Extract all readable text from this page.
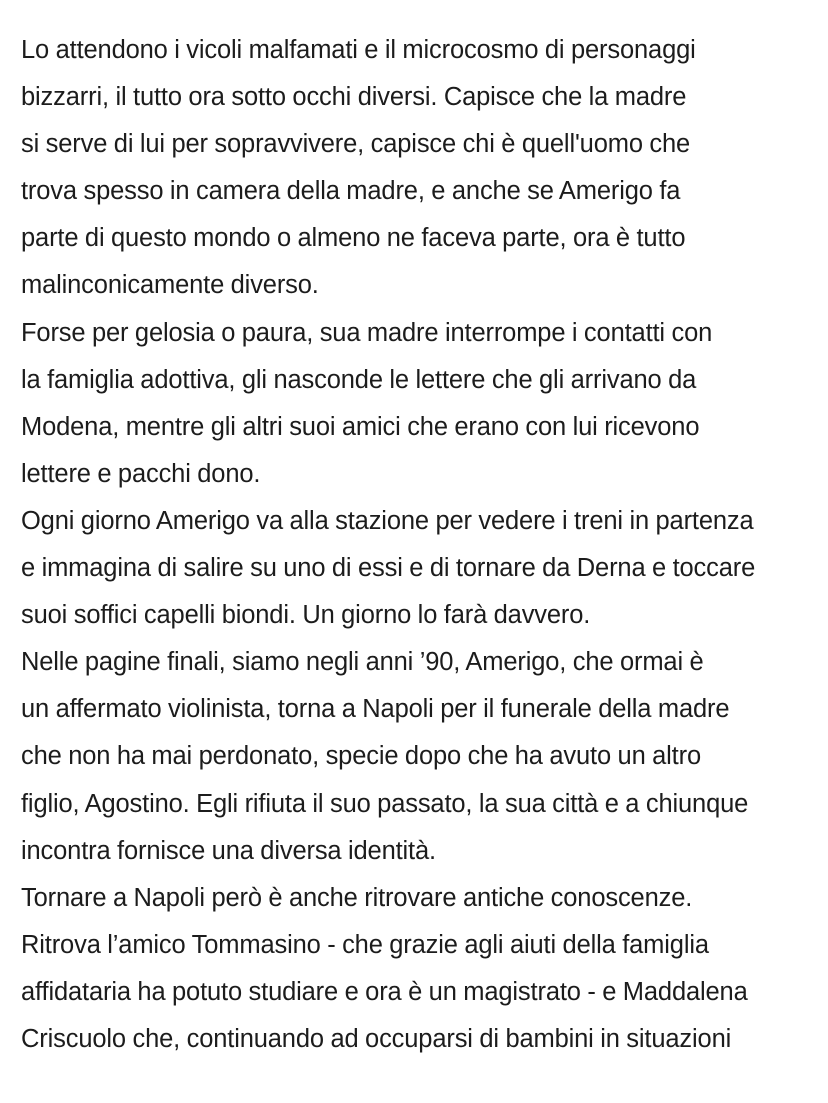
Lo attendono i vicoli malfamati e il microcosmo di personaggi
bizzarri, il tutto ora sotto occhi diversi. Capisce che la madre
si serve di lui per sopravvivere, capisce chi è quell'uomo che
trova spesso in camera della madre, e anche se Amerigo fa
parte di questo mondo o almeno ne faceva parte, ora è tutto
malinconicamente diverso.
Forse per gelosia o paura, sua madre interrompe i contatti con
la famiglia adottiva, gli nasconde le lettere che gli arrivano da
Modena, mentre gli altri suoi amici che erano con lui ricevono
lettere e pacchi dono.
Ogni giorno Amerigo va alla stazione per vedere i treni in partenza
e immagina di salire su uno di essi e di tornare da Derna e toccare
suoi soffici capelli biondi. Un giorno lo farà davvero.
Nelle pagine finali, siamo negli anni ’90, Amerigo, che ormai è
un affermato violinista, torna a Napoli per il funerale della madre
che non ha mai perdonato, specie dopo che ha avuto un altro
figlio, Agostino. Egli rifiuta il suo passato, la sua città e a chiunque
incontra fornisce una diversa identità.
Tornare a Napoli però è anche ritrovare antiche conoscenze.
Ritrova l’amico Tommasino - che grazie agli aiuti della famiglia
affidataria ha potuto studiare e ora è un magistrato - e Maddalena
Criscuolo che, continuando ad occuparsi di bambini in situazioni
